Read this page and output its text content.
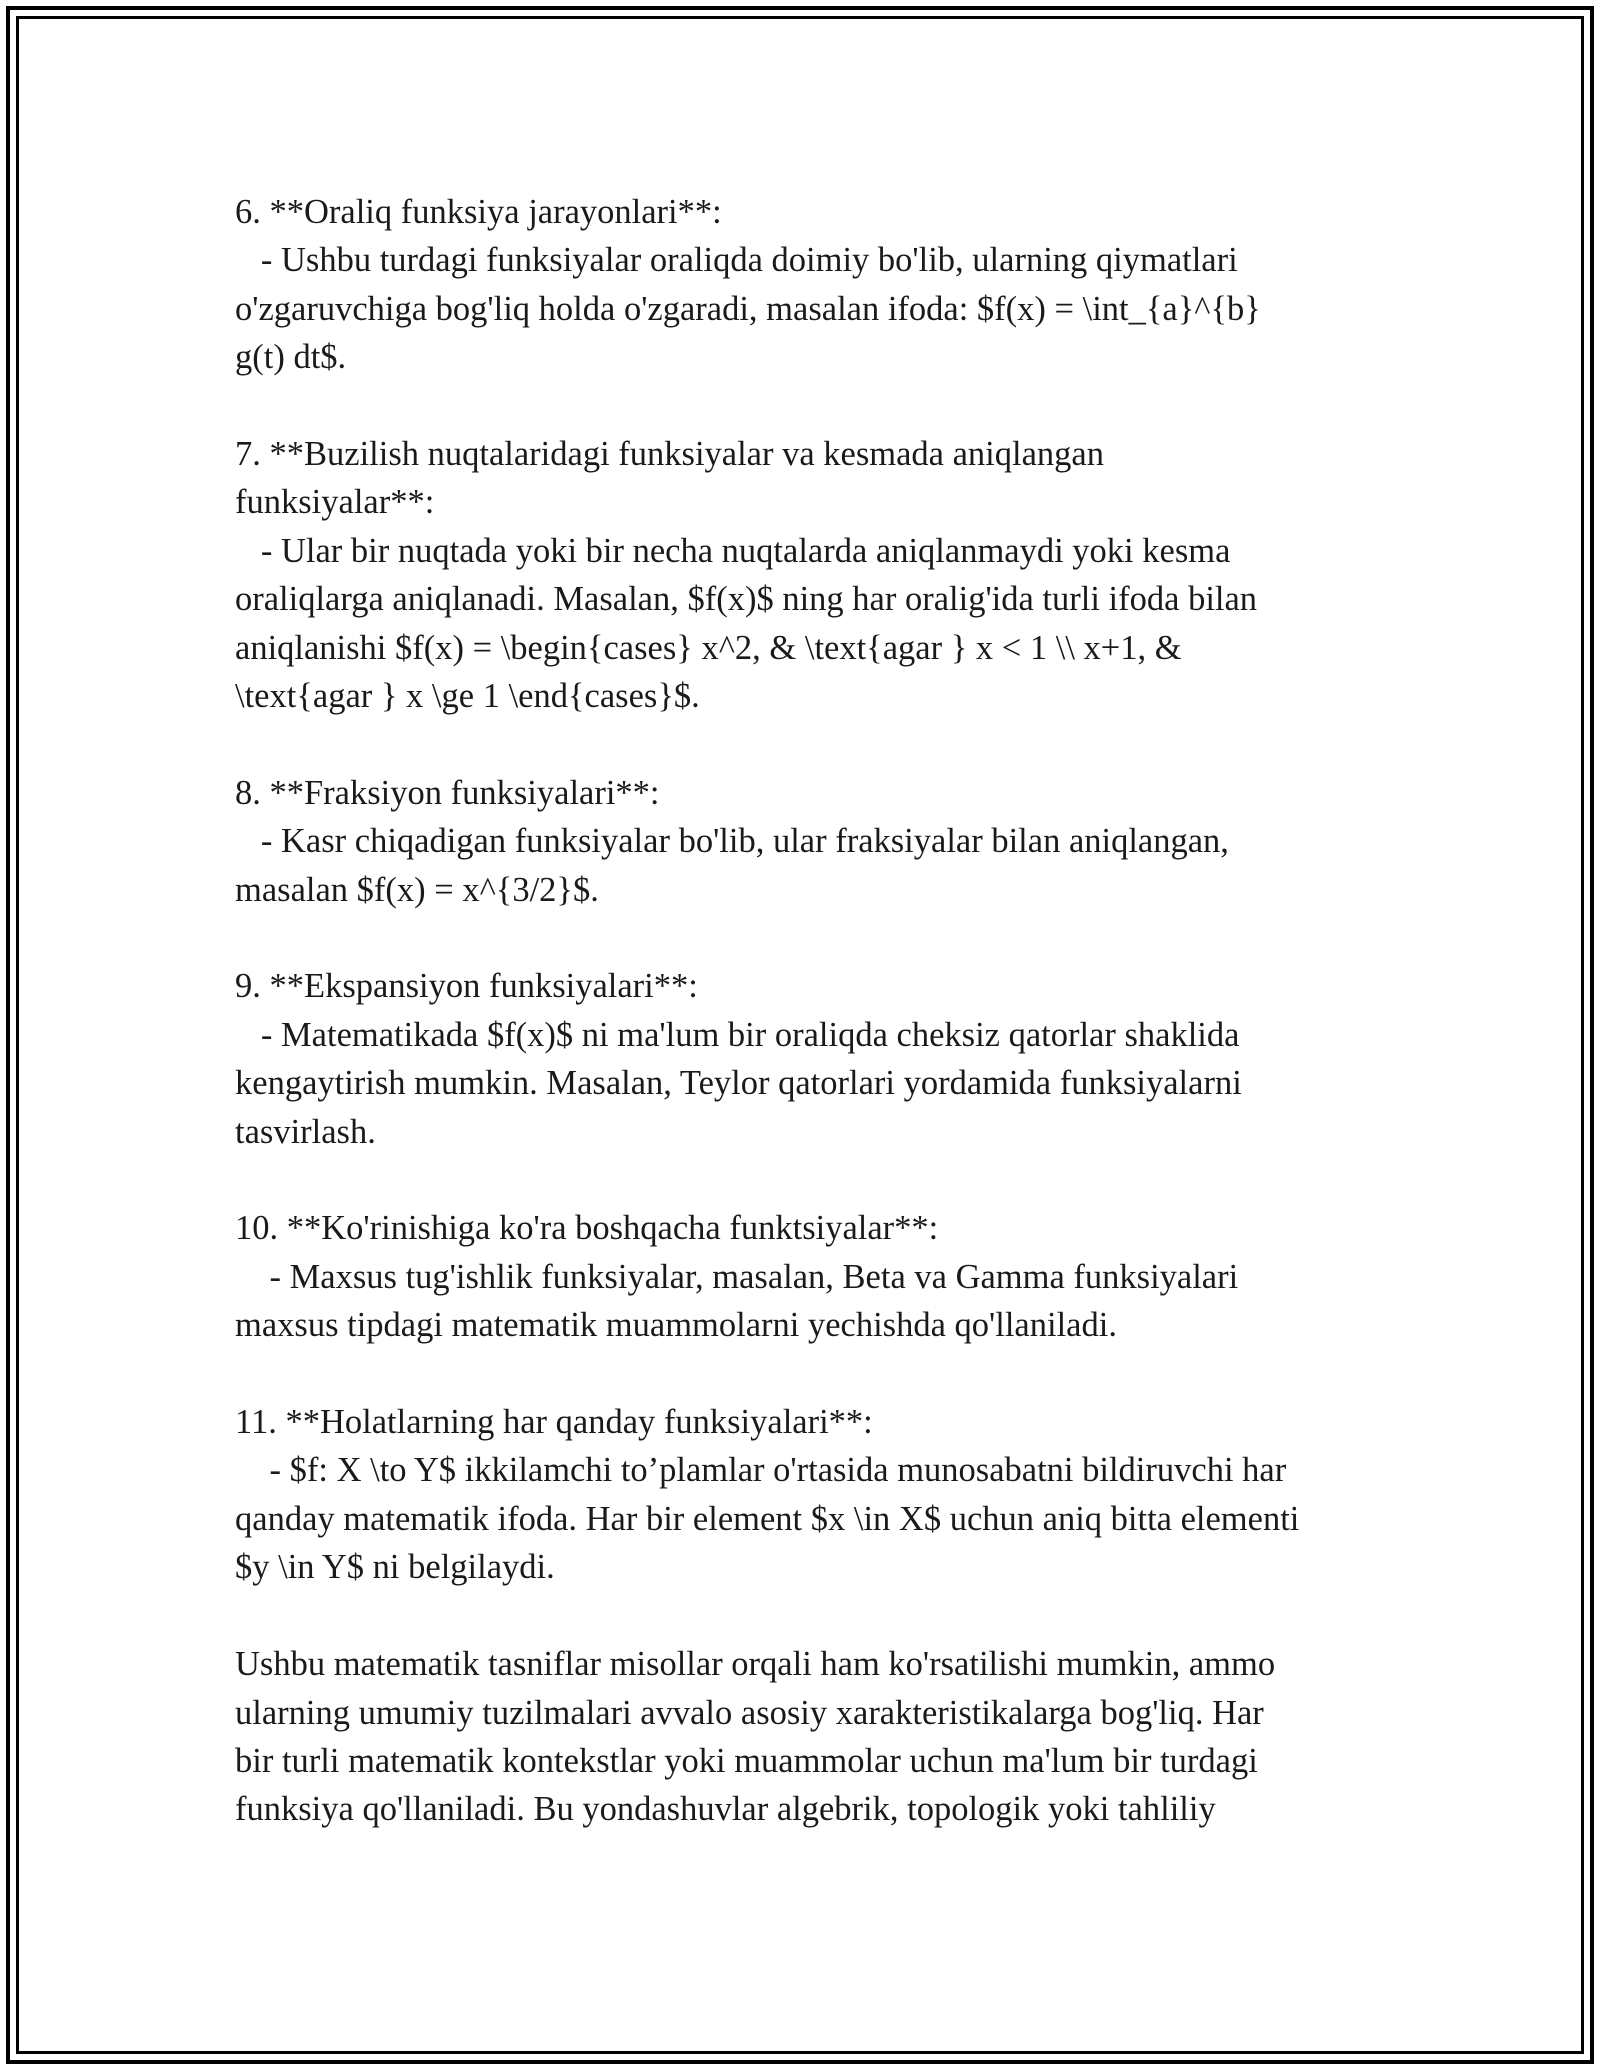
6. **Oraliq funksiya jarayonlari**:
- Ushbu turdagi funksiyalar oraliqda doimiy bo'lib, ularning qiymatlari
o'zgaruvchiga bog'liq holda o'zgaradi, masalan ifoda: $f(x) = \int_{a}^{b}
g(t) dt$.
7. **Buzilish nuqtalaridagi funksiyalar va kesmada aniqlangan
funksiyalar**:
- Ular bir nuqtada yoki bir necha nuqtalarda aniqlanmaydi yoki kesma
oraliqlarga aniqlanadi. Masalan, $f(x)$ ning har oralig'ida turli ifoda bilan
aniqlanishi $f(x) = \begin{cases} x^2, & \text{agar } x < 1 \\ x+1, &
\text{agar } x \ge 1 \end{cases}$.
8. **Fraksiyon funksiyalari**:
- Kasr chiqadigan funksiyalar bo'lib, ular fraksiyalar bilan aniqlangan,
masalan $f(x) = x^{3/2}$.
9. **Ekspansiyon funksiyalari**:
- Matematikada $f(x)$ ni ma'lum bir oraliqda cheksiz qatorlar shaklida
kengaytirish mumkin. Masalan, Teylor qatorlari yordamida funksiyalarni
tasvirlash.
10. **Ko'rinishiga ko'ra boshqacha funktsiyalar**:
- Maxsus tug'ishlik funksiyalar, masalan, Beta va Gamma funksiyalari
maxsus tipdagi matematik muammolarni yechishda qo'llaniladi.
11. **Holatlarning har qanday funksiyalari**:
- $f: X \to Y$ ikkilamchi to’plamlar o'rtasida munosabatni bildiruvchi har
qanday matematik ifoda. Har bir element $x \in X$ uchun aniq bitta elementi
$y \in Y$ ni belgilaydi.
Ushbu matematik tasniflar misollar orqali ham ko'rsatilishi mumkin, ammo
ularning umumiy tuzilmalari avvalo asosiy xarakteristikalarga bog'liq. Har
bir turli matematik kontekstlar yoki muammolar uchun ma'lum bir turdagi
funksiya qo'llaniladi. Bu yondashuvlar algebrik, topologik yoki tahliliy
